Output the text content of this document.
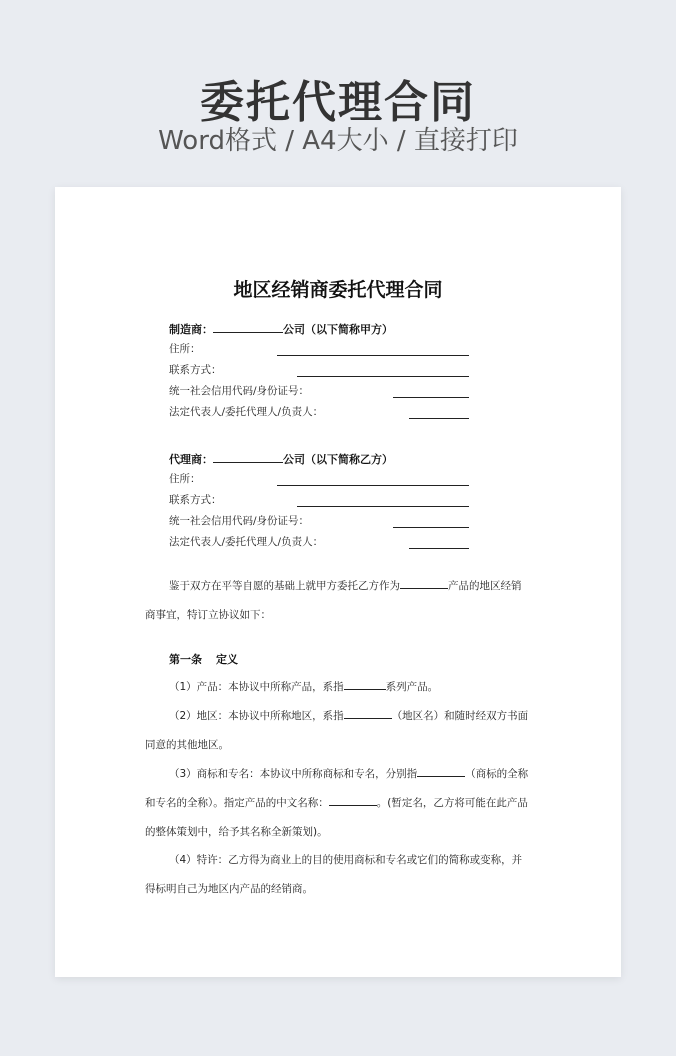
委托代理合同

Word格式 / A4大小 / 直接打印

地区经销商委托代理合同
制造商：	公司（以下简称甲方）
住所：
联系方式：
统一社会信用代码/身份证号：
法定代表人/委托代理人/负责人：
代理商：	公司（以下简称乙方）
住所：
联系方式：
统一社会信用代码/身份证号：
法定代表人/委托代理人/负责人：

鉴于双方在平等自愿的基础上就甲方委托乙方作为	产品的地区经销商事宜，特订立协议如下：

第一条 定义

（1）产品：本协议中所称产品，系指	系列产品。

（2）地区：本协议中所称地区，系指	（地区名）和随时经双方书面同意的其他地区。

（3）商标和专名：本协议中所称商标和专名，分别指	（商标的全称和专名的全称）。指定产品的中文名称：	。(暂定名，乙方将可能在此产品的整体策划中，给予其名称全新策划)。

（4）特许：乙方得为商业上的目的使用商标和专名或它们的简称或变称，并得标明自己为地区内产品的经销商。
